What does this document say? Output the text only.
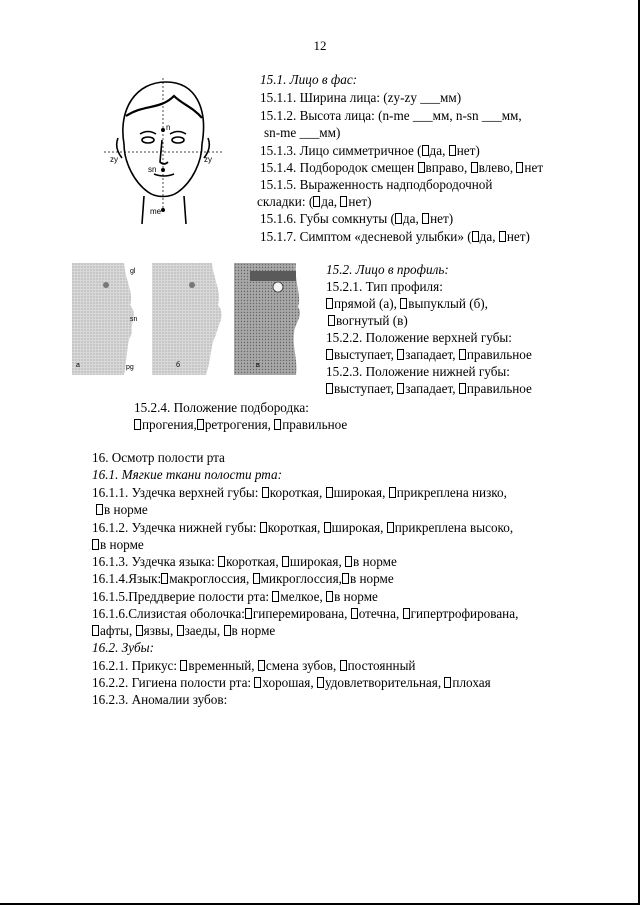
12
zy	zy
n
sn
me
15.1. Лицо в фас:
15.1.1. Ширина лица: (zy-zy ___мм)
15.1.2. Высота лица: (n-me ___мм, n-sn ___мм,
sn-me ___мм)
15.1.3. Лицо симметричное ( да, нет)
15.1.4. Подбородок смещен вправо, влево, нет
15.1.5. Выраженность надподбородочной
складки: ( да, нет)
15.1.6. Губы сомкнуты ( да, нет)
15.1.7. Симптом «десневой улыбки» ( да, нет)
а	б	в
gl
sn
pg
15.2. Лицо в профиль:
15.2.1. Тип профиля:
прямой (а), выпуклый (б),
вогнутый (в)
15.2.2. Положение верхней губы:
выступает, западает, правильное
15.2.3. Положение нижней губы:
выступает, западает, правильное
15.2.4. Положение подбородка:
прогения, ретрогения, правильное
16. Осмотр полости рта
16.1. Мягкие ткани полости рта:
16.1.1. Уздечка верхней губы: короткая, широкая, прикреплена низко,
в норме
16.1.2. Уздечка нижней губы: короткая, широкая, прикреплена высоко,
в норме
16.1.3. Уздечка языка: короткая, широкая, в норме
16.1.4.Язык: макроглоссия, микроглоссия, в норме
16.1.5.Преддверие полости рта: мелкое, в норме
16.1.6.Слизистая оболочка: гиперемирована, отечна, гипертрофирована,
афты, язвы, заеды, в норме
16.2. Зубы:
16.2.1. Прикус: временный, смена зубов, постоянный
16.2.2. Гигиена полости рта: хорошая, удовлетворительная, плохая
16.2.3. Аномалии зубов:
